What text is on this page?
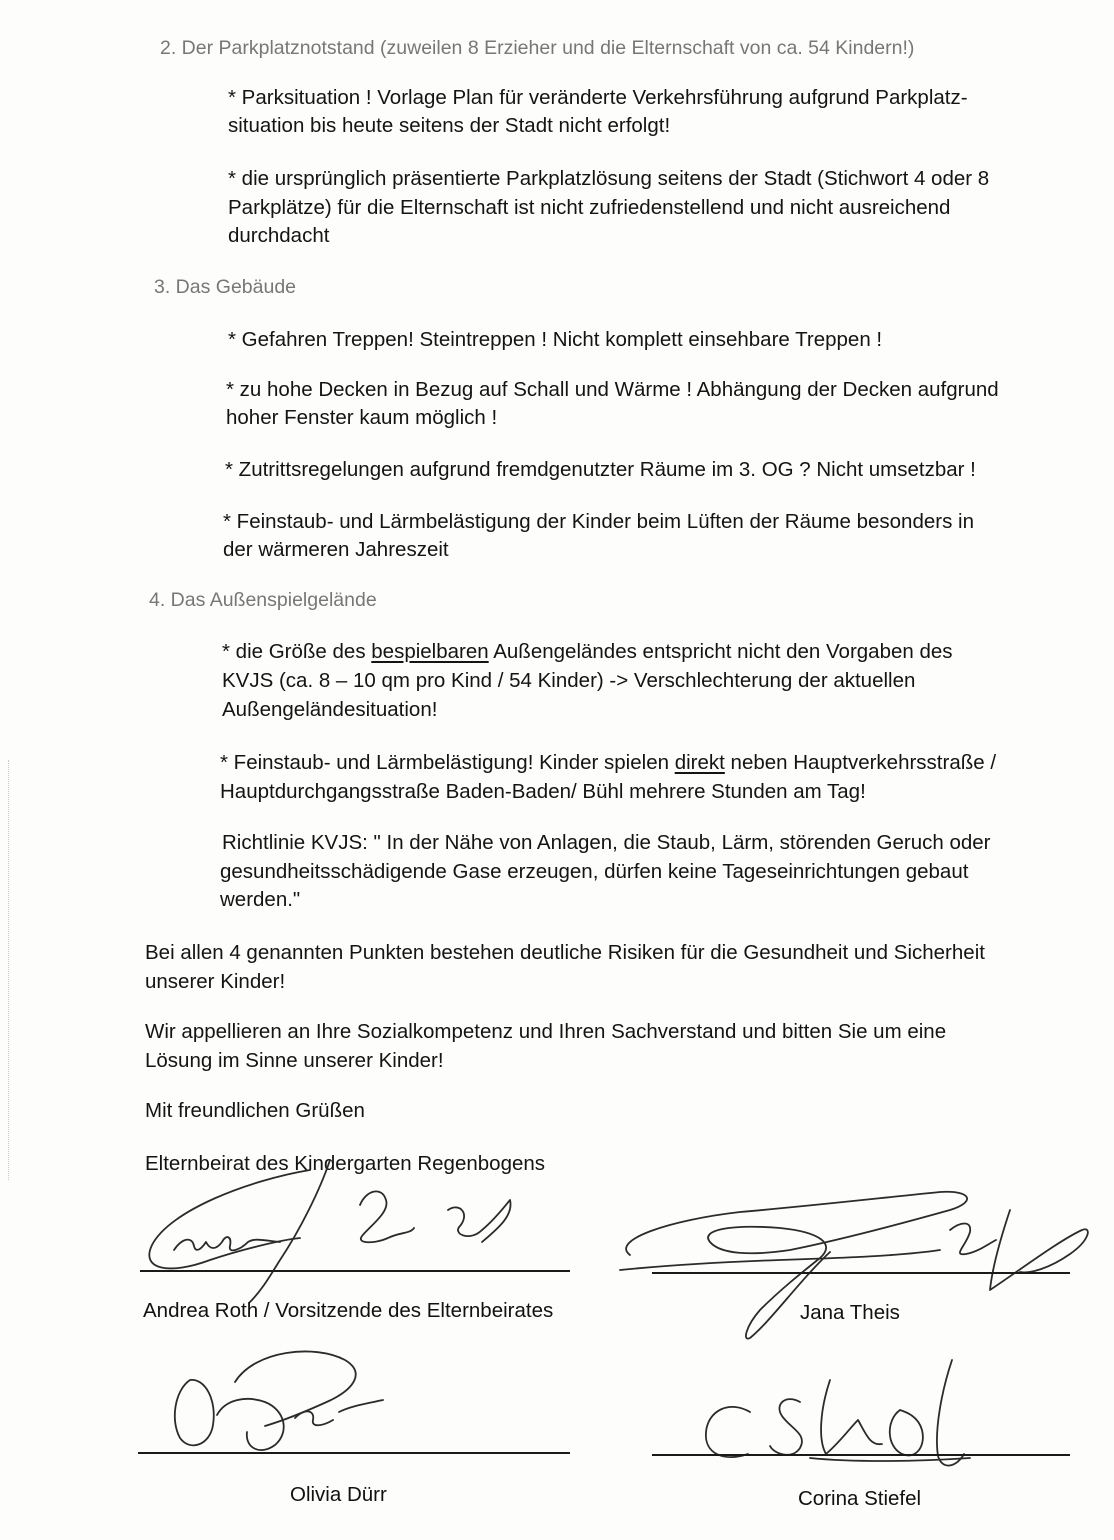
2. Der Parkplatznotstand (zuweilen 8 Erzieher und die Elternschaft von ca. 54 Kindern!)
* Parksituation ! Vorlage Plan für veränderte Verkehrsführung aufgrund Parkplatz-
situation bis heute seitens der Stadt nicht erfolgt!
* die ursprünglich präsentierte Parkplatzlösung seitens der Stadt (Stichwort 4 oder 8
Parkplätze) für die Elternschaft ist nicht zufriedenstellend und nicht ausreichend
durchdacht
3. Das Gebäude
* Gefahren Treppen! Steintreppen ! Nicht komplett einsehbare Treppen !
* zu hohe Decken in Bezug auf Schall und Wärme ! Abhängung der Decken aufgrund
hoher Fenster kaum möglich !
* Zutrittsregelungen aufgrund fremdgenutzter Räume im 3. OG ? Nicht umsetzbar !
* Feinstaub- und Lärmbelästigung der Kinder beim Lüften der Räume besonders in
der wärmeren Jahreszeit
4. Das Außenspielgelände
* die Größe des bespielbaren Außengeländes entspricht nicht den Vorgaben des
KVJS (ca. 8 – 10 qm pro Kind / 54 Kinder) -> Verschlechterung der aktuellen
Außengeländesituation!
* Feinstaub- und Lärmbelästigung! Kinder spielen direkt neben Hauptverkehrsstraße /
Hauptdurchgangsstraße Baden-Baden/ Bühl mehrere Stunden am Tag!
Richtlinie KVJS: " In der Nähe von Anlagen, die Staub, Lärm, störenden Geruch oder
gesundheitsschädigende Gase erzeugen, dürfen keine Tageseinrichtungen gebaut
werden."
Bei allen 4 genannten Punkten bestehen deutliche Risiken für die Gesundheit und Sicherheit
unserer Kinder!
Wir appellieren an Ihre Sozialkompetenz und Ihren Sachverstand und bitten Sie um eine
Lösung im Sinne unserer Kinder!
Mit freundlichen Grüßen
Elternbeirat des Kindergarten Regenbogens
Andrea Roth / Vorsitzende des Elternbeirates	Jana Theis
Olivia Dürr	Corina Stiefel
